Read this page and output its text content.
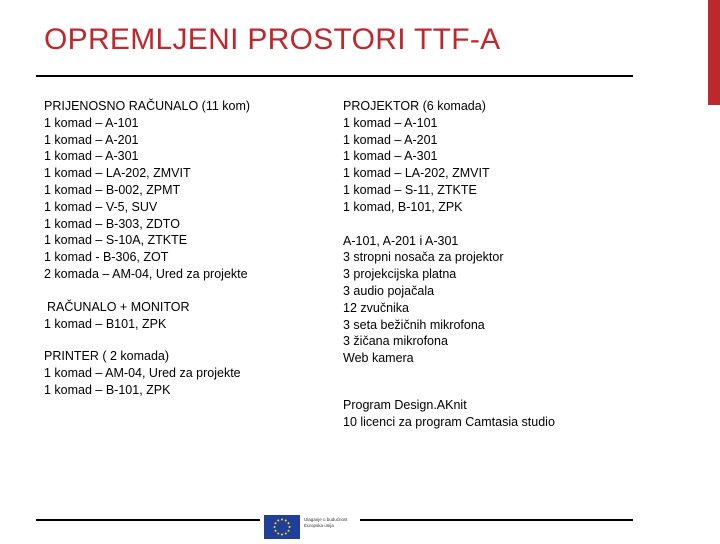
OPREMLJENI PROSTORI TTF-A
PRIJENOSNO RAČUNALO (11 kom)
1 komad – A-101
1 komad – A-201
1 komad – A-301
1 komad – LA-202, ZMVIT
1 komad – B-002, ZPMT
1 komad – V-5, SUV
1 komad – B-303, ZDTO
1 komad – S-10A, ZTKTE
1 komad - B-306, ZOT
2 komada – AM-04, Ured za projekte
RAČUNALO + MONITOR
1 komad – B101, ZPK
PRINTER ( 2 komada)
1 komad – AM-04, Ured za projekte
1 komad – B-101, ZPK
PROJEKTOR (6 komada)
1 komad – A-101
1 komad – A-201
1 komad – A-301
1 komad – LA-202, ZMVIT
1 komad – S-11, ZTKTE
1 komad, B-101, ZPK
A-101, A-201 i A-301
3 stropni nosača za projektor
3 projekcijska platna
3 audio pojačala
12 zvučnika
3 seta bežičnih mikrofona
3 žičana mikrofona
Web kamera
Program Design.AKnit
10 licenci za program Camtasia studio
Ulaganje u budućnost
Europska unija
